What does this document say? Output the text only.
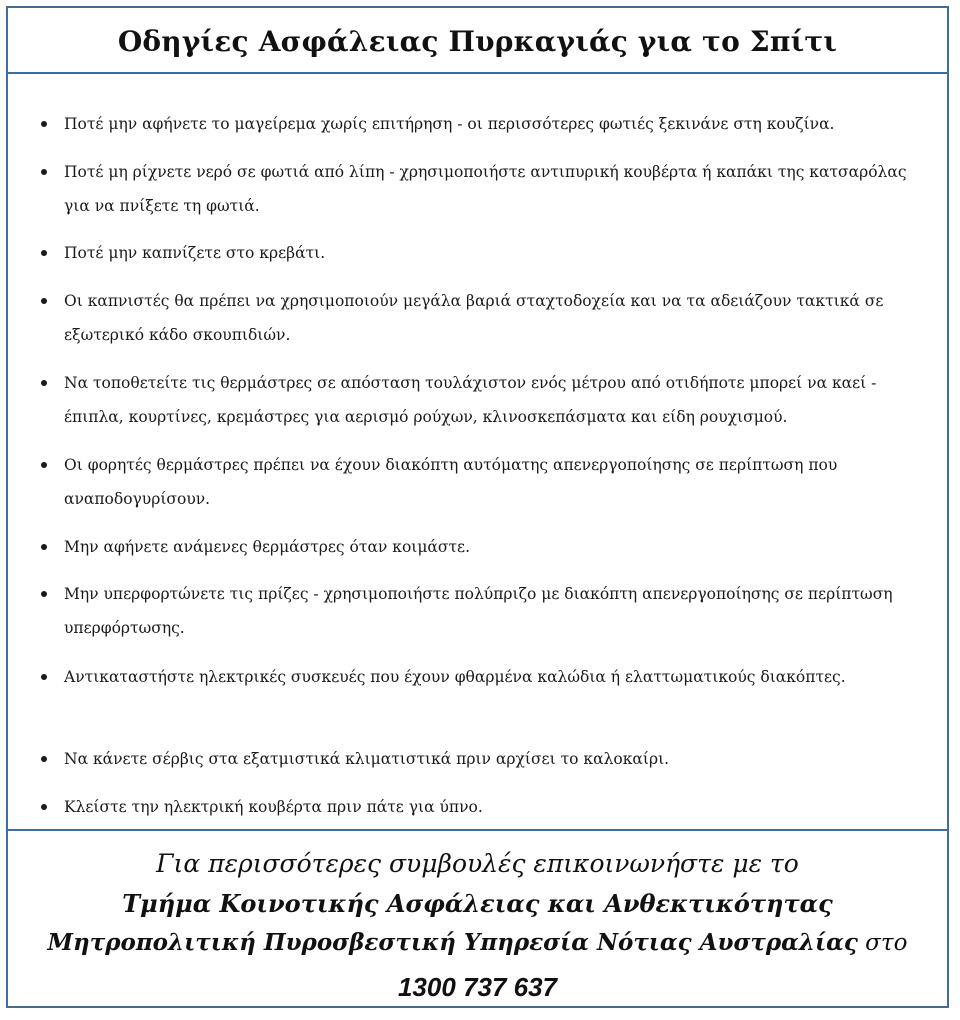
Οδηγίες Ασφάλειας Πυρκαγιάς για το Σπίτι
Ποτέ μην αφήνετε το μαγείρεμα χωρίς επιτήρηση - οι περισσότερες φωτιές ξεκινάνε στη κουζίνα.
Ποτέ μη ρίχνετε νερό σε φωτιά από λίπη - χρησιμοποιήστε αντιπυρική κουβέρτα ή καπάκι της κατσαρόλας για να πνίξετε τη φωτιά.
Ποτέ μην καπνίζετε στο κρεβάτι.
Οι καπνιστές θα πρέπει να χρησιμοποιούν μεγάλα βαριά σταχτοδοχεία και να τα αδειάζουν τακτικά σε εξωτερικό κάδο σκουπιδιών.
Να τοποθετείτε τις θερμάστρες σε απόσταση τουλάχιστον ενός μέτρου από οτιδήποτε μπορεί να καεί - έπιπλα, κουρτίνες, κρεμάστρες για αερισμό ρούχων, κλινοσκεπάσματα και είδη ρουχισμού.
Οι φορητές θερμάστρες πρέπει να έχουν διακόπτη αυτόματης απενεργοποίησης σε περίπτωση που αναποδογυρίσουν.
Μην αφήνετε ανάμενες θερμάστρες όταν κοιμάστε.
Μην υπερφορτώνετε τις πρίζες - χρησιμοποιήστε πολύπριζο με διακόπτη απενεργοποίησης σε περίπτωση υπερφόρτωσης.
Αντικαταστήστε ηλεκτρικές συσκευές που έχουν φθαρμένα καλώδια ή ελαττωματικούς διακόπτες.
Να κάνετε σέρβις στα εξατμιστικά κλιματιστικά πριν αρχίσει το καλοκαίρι.
Κλείστε την ηλεκτρική κουβέρτα πριν πάτε για ύπνο.
Για περισσότερες συμβουλές επικοινωνήστε με το
Τμήμα Κοινοτικής Ασφάλειας και Ανθεκτικότητας
Μητροπολιτική Πυροσβεστική Υπηρεσία Νότιας Αυστραλίας στο
1300 737 637
